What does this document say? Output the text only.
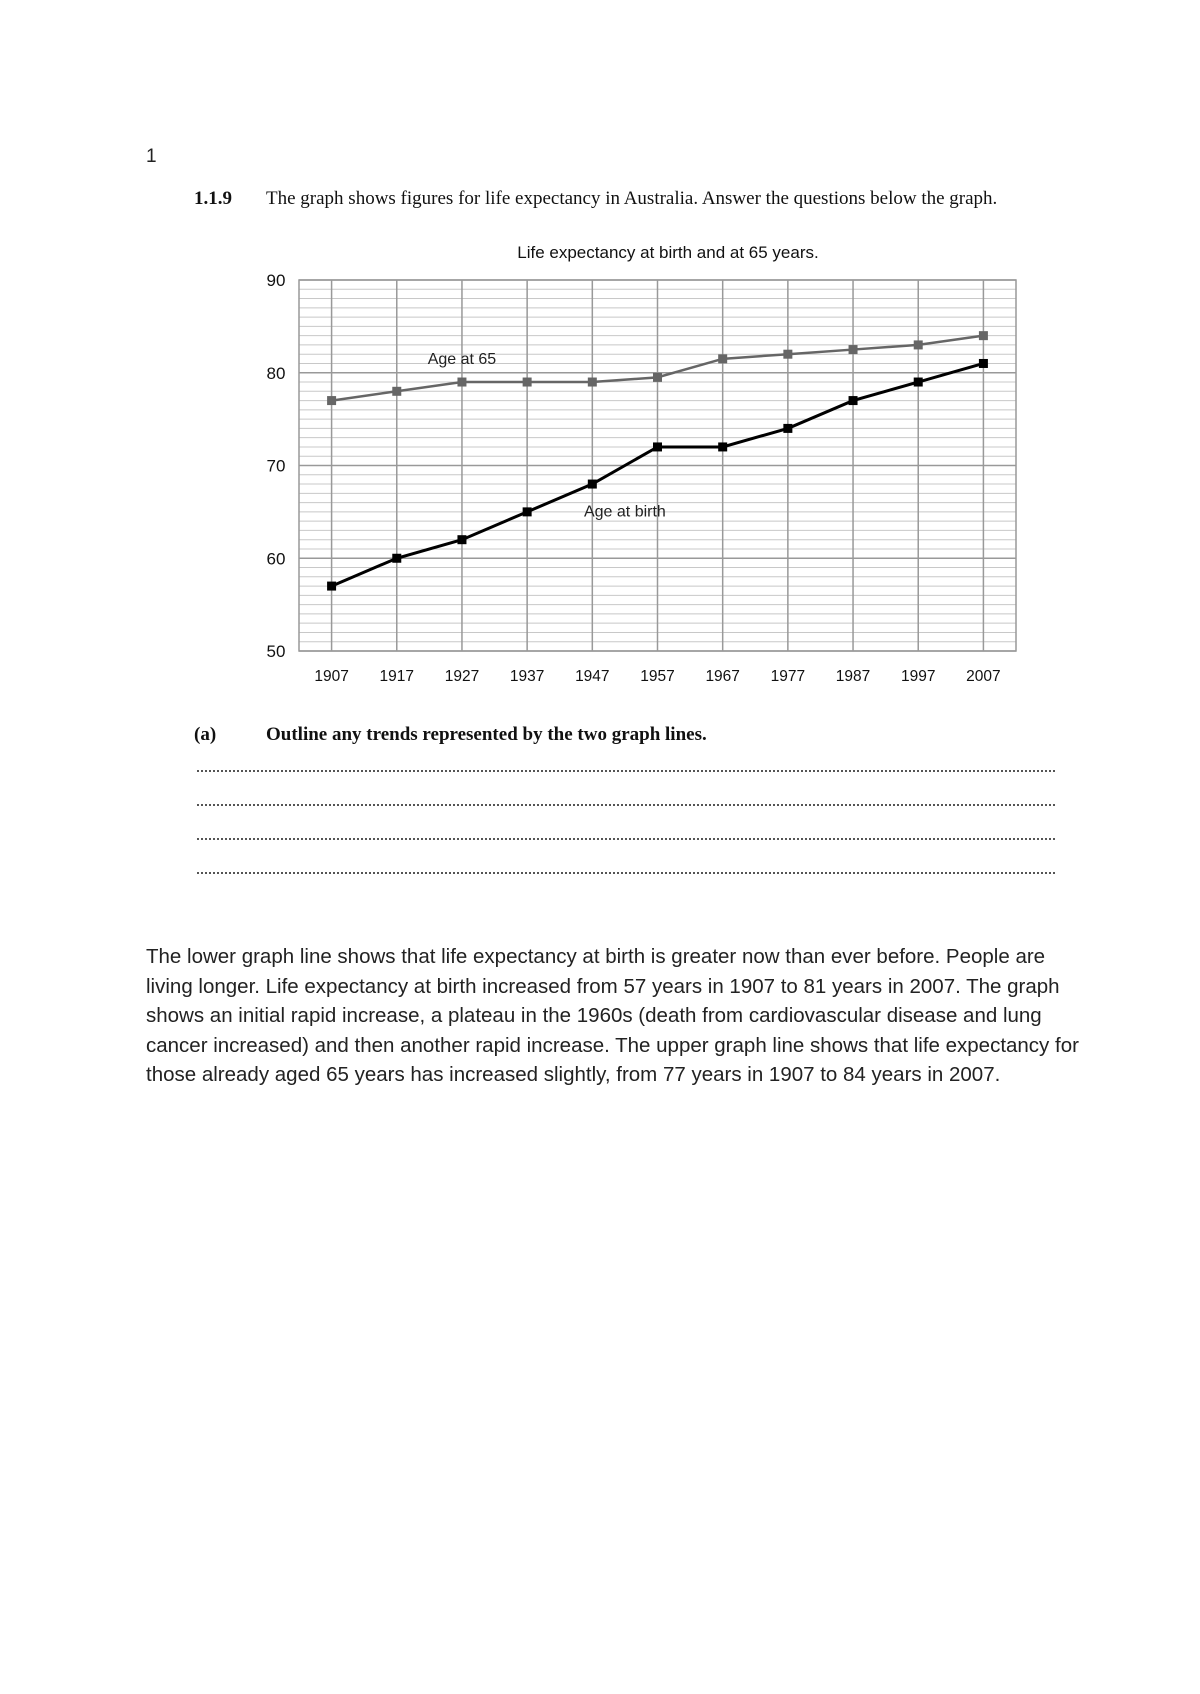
1
1.1.9 The graph shows figures for life expectancy in Australia. Answer the questions below the graph.
Life expectancy at birth and at 65 years.
50
60
70
80
90
1907 1917 1927 1937 1947 1957 1967 1977 1987 1997 2007
Age at 65
Age at birth
(a)	Outline any trends represented by the two graph lines.
The lower graph line shows that life expectancy at birth is greater now than ever before. People are living longer. Life expectancy at birth increased from 57 years in 1907 to 81 years in 2007. The graph shows an initial rapid increase, a plateau in the 1960s (death from cardiovascular disease and lung cancer increased) and then another rapid increase. The upper graph line shows that life expectancy for those already aged 65 years has increased slightly, from 77 years in 1907 to 84 years in 2007.
